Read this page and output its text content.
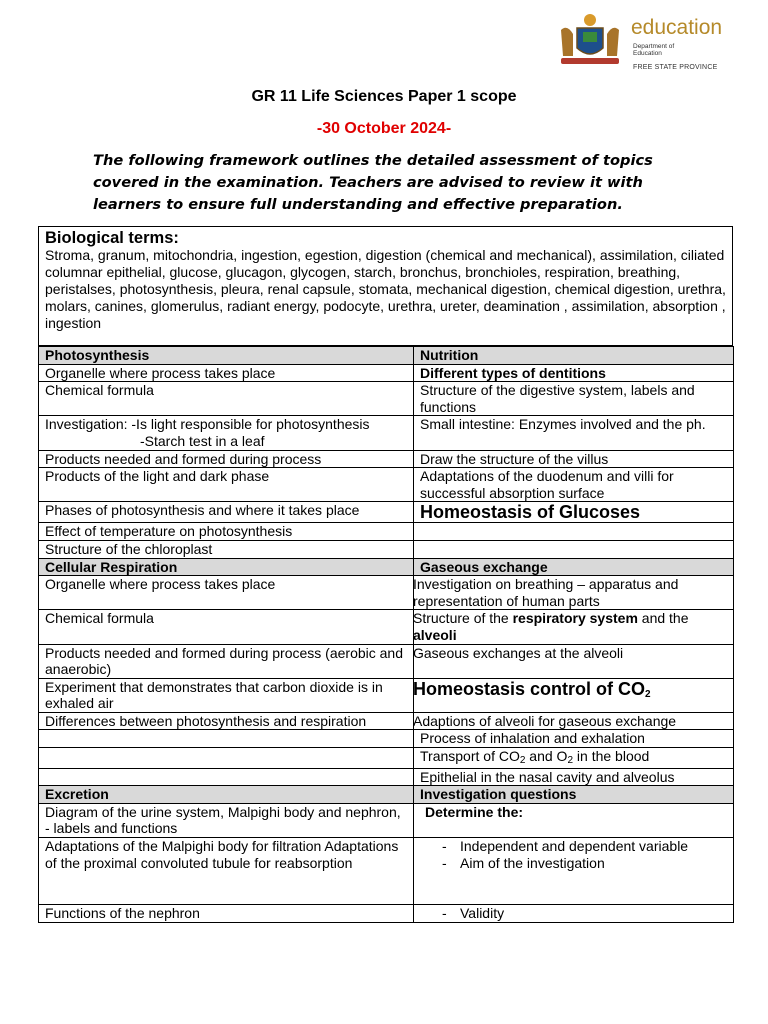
education
Department of
Education
FREE STATE PROVINCE
GR 11 Life Sciences Paper 1 scope
-30 October 2024-
The following framework outlines the detailed assessment of topics covered in the examination. Teachers are advised to review it with learners to ensure full understanding and effective preparation.
Biological terms:
Stroma, granum, mitochondria, ingestion, egestion, digestion (chemical and mechanical), assimilation, ciliated columnar epithelial, glucose, glucagon, glycogen, starch, bronchus, bronchioles, respiration, breathing, peristalses, photosynthesis, pleura, renal capsule, stomata, mechanical digestion, chemical digestion, urethra, molars, canines, glomerulus, radiant energy, podocyte, urethra, ureter, deamination , assimilation, absorption , ingestion
Photosynthesis	Nutrition
Organelle where process takes place	Different types of dentitions
Chemical formula	Structure of the digestive system, labels and functions

Investigation: -Is light responsible for photosynthesis
-Starch test in a leaf	Small intestine: Enzymes involved and the ph.
Products needed and formed during process	Draw the structure of the villus
Products of the light and dark phase	Adaptations of the duodenum and villi for successful absorption surface
Phases of photosynthesis and where it takes place	Homeostasis of Glucoses
Effect of temperature on photosynthesis	
Structure of the chloroplast	
Cellular Respiration	Gaseous exchange
Organelle where process takes place	Investigation on breathing – apparatus and representation of human parts

Chemical formula	Structure of the respiratory system and the alveoli

Products needed and formed during process (aerobic and anaerobic)	Gaseous exchanges at the alveoli

Experiment that demonstrates that carbon dioxide is in exhaled air	Homeostasis control of CO2

Differences between photosynthesis and respiration	Adaptions of alveoli for gaseous exchange

	Process of inhalation and exhalation
	Transport of CO2 and O2 in the blood
	Epithelial in the nasal cavity and alveolus
Excretion	Investigation questions
Diagram of the urine system, Malpighi body and nephron, - labels and functions	Determine the:

Adaptations of the Malpighi body for filtration Adaptations of the proximal convoluted tubule for reabsorption	- Independent and dependent variable
- Aim of the investigation

Functions of the nephron	- Validity
